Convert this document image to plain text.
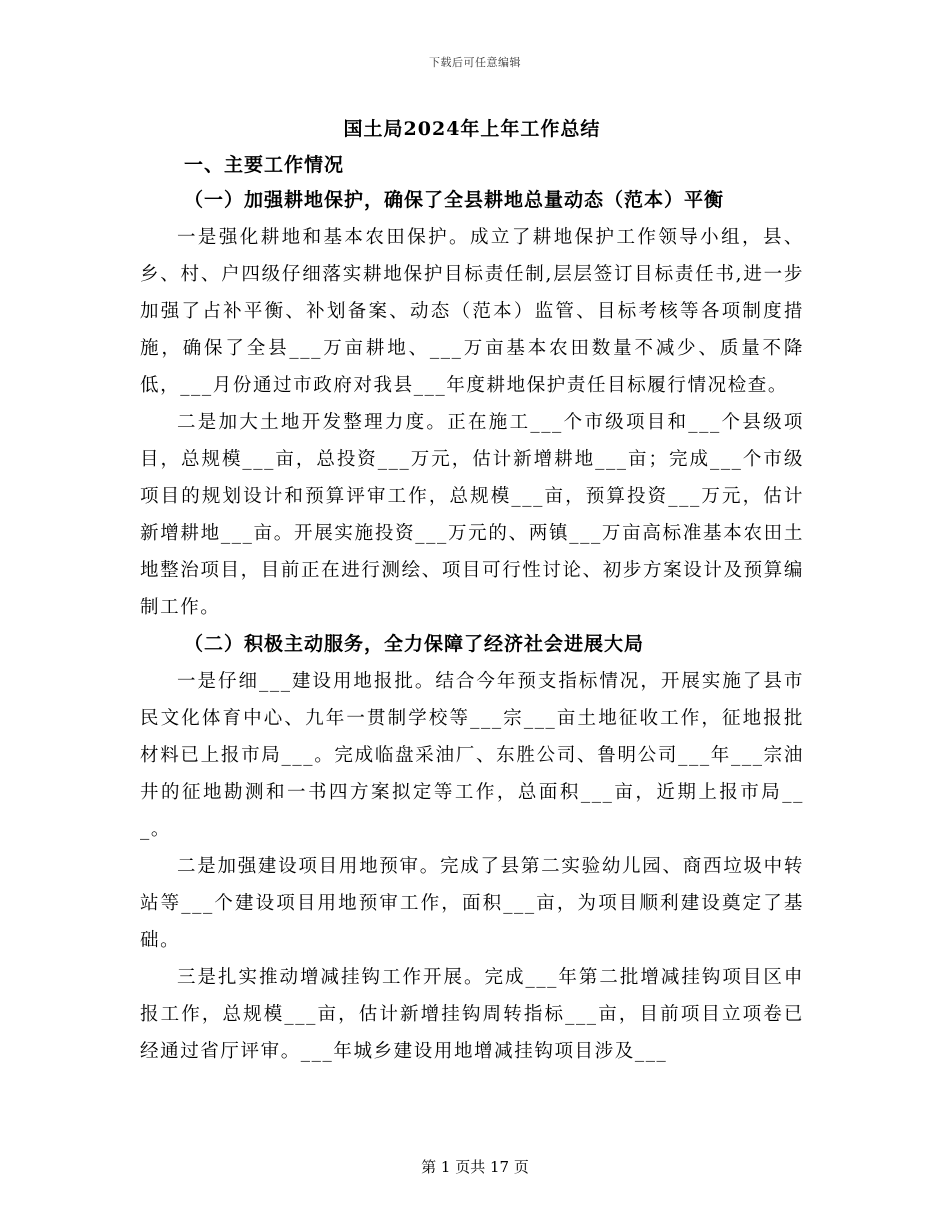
下载后可任意编辑
国土局2024年上年工作总结
一、主要工作情况
（一）加强耕地保护，确保了全县耕地总量动态（范本）平衡

一是强化耕地和基本农田保护。成立了耕地保护工作领导小组，县、乡、村、户四级仔细落实耕地保护目标责任制,层层签订目标责任书,进一步加强了占补平衡、补划备案、动态（范本）监管、目标考核等各项制度措施，确保了全县___万亩耕地、___万亩基本农田数量不减少、质量不降低，___月份通过市政府对我县___年度耕地保护责任目标履行情况检查。

二是加大土地开发整理力度。正在施工___个市级项目和___个县级项目，总规模___亩，总投资___万元，估计新增耕地___亩；完成___个市级项目的规划设计和预算评审工作，总规模___亩，预算投资___万元，估计新增耕地___亩。开展实施投资___万元的、两镇___万亩高标准基本农田土地整治项目，目前正在进行测绘、项目可行性讨论、初步方案设计及预算编制工作。

（二）积极主动服务，全力保障了经济社会进展大局

一是仔细___建设用地报批。结合今年预支指标情况，开展实施了县市民文化体育中心、九年一贯制学校等___宗___亩土地征收工作，征地报批材料已上报市局___。完成临盘采油厂、东胜公司、鲁明公司___年___宗油井的征地勘测和一书四方案拟定等工作，总面积___亩，近期上报市局___。

二是加强建设项目用地预审。完成了县第二实验幼儿园、商西垃圾中转站等___个建设项目用地预审工作，面积___亩，为项目顺利建设奠定了基础。

三是扎实推动增减挂钩工作开展。完成___年第二批增减挂钩项目区申报工作，总规模___亩，估计新增挂钩周转指标___亩，目前项目立项卷已经通过省厅评审。___年城乡建设用地增减挂钩项目涉及___

第 1 页共 17 页
